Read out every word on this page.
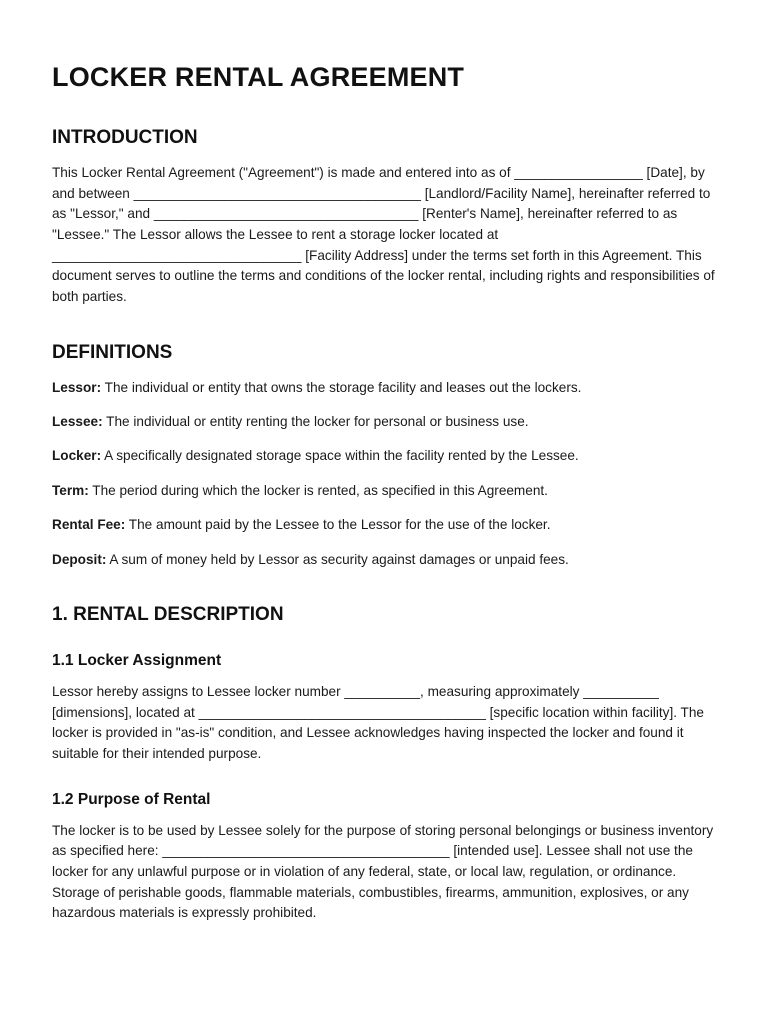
LOCKER RENTAL AGREEMENT
INTRODUCTION

This Locker Rental Agreement ("Agreement") is made and entered into as of _________________ [Date], by and between ______________________________________ [Landlord/Facility Name], hereinafter referred to as "Lessor," and ___________________________________ [Renter's Name], hereinafter referred to as "Lessee." The Lessor allows the Lessee to rent a storage locker located at _________________________________ [Facility Address] under the terms set forth in this Agreement. This document serves to outline the terms and conditions of the locker rental, including rights and responsibilities of both parties.

DEFINITIONS

Lessor: The individual or entity that owns the storage facility and leases out the lockers.

Lessee: The individual or entity renting the locker for personal or business use.

Locker: A specifically designated storage space within the facility rented by the Lessee.

Term: The period during which the locker is rented, as specified in this Agreement.

Rental Fee: The amount paid by the Lessee to the Lessor for the use of the locker.

Deposit: A sum of money held by Lessor as security against damages or unpaid fees.

1. RENTAL DESCRIPTION
1.1 Locker Assignment

Lessor hereby assigns to Lessee locker number __________, measuring approximately __________ [dimensions], located at ______________________________________ [specific location within facility]. The locker is provided in "as-is" condition, and Lessee acknowledges having inspected the locker and found it suitable for their intended purpose.

1.2 Purpose of Rental

The locker is to be used by Lessee solely for the purpose of storing personal belongings or business inventory as specified here: ______________________________________ [intended use]. Lessee shall not use the locker for any unlawful purpose or in violation of any federal, state, or local law, regulation, or ordinance. Storage of perishable goods, flammable materials, combustibles, firearms, ammunition, explosives, or any hazardous materials is expressly prohibited.
